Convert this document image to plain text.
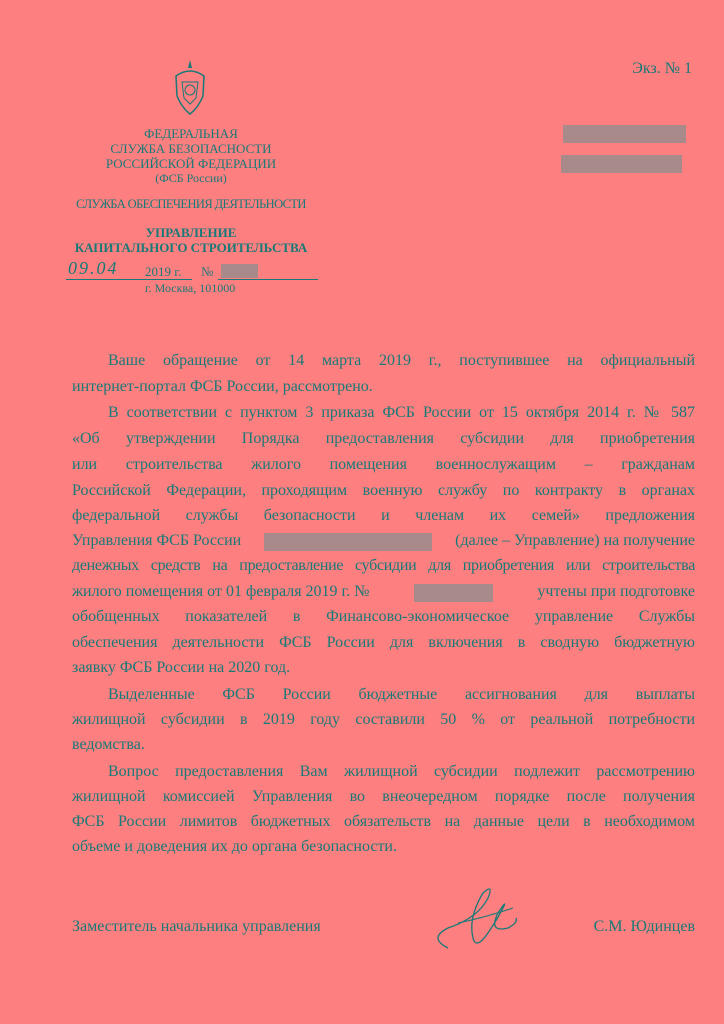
Экз. № 1
ФЕДЕРАЛЬНАЯ
СЛУЖБА БЕЗОПАСНОСТИ
РОССИЙСКОЙ ФЕДЕРАЦИИ
(ФСБ России)
СЛУЖБА ОБЕСПЕЧЕНИЯ ДЕЯТЕЛЬНОСТИ
УПРАВЛЕНИЕ
КАПИТАЛЬНОГО СТРОИТЕЛЬСТВА
09.04 2019 г. №
г. Москва, 101000
Ваше обращение от 14 марта 2019 г., поступившее на официальный
интернет-портал ФСБ России, рассмотрено.
В соответствии с пунктом 3 приказа ФСБ России от 15 октября 2014 г. № 587
«Об утверждении Порядка предоставления субсидии для приобретения
или строительства жилого помещения военнослужащим – гражданам
Российской Федерации, проходящим военную службу по контракту в органах
федеральной службы безопасности и членам их семей» предложения
Управления ФСБ России	(далее – Управление) на получение
денежных средств на предоставление субсидии для приобретения или строительства
жилого помещения от 01 февраля 2019 г. №	учтены при подготовке
обобщенных показателей в Финансово-экономическое управление Службы
обеспечения деятельности ФСБ России для включения в сводную бюджетную
заявку ФСБ России на 2020 год.
Выделенные ФСБ России бюджетные ассигнования для выплаты
жилищной субсидии в 2019 году составили 50 % от реальной потребности
ведомства.
Вопрос предоставления Вам жилищной субсидии подлежит рассмотрению
жилищной комиссией Управления во внеочередном порядке после получения
ФСБ России лимитов бюджетных обязательств на данные цели в необходимом
объеме и доведения их до органа безопасности.
Заместитель начальника управления	С.М. Юдинцев
